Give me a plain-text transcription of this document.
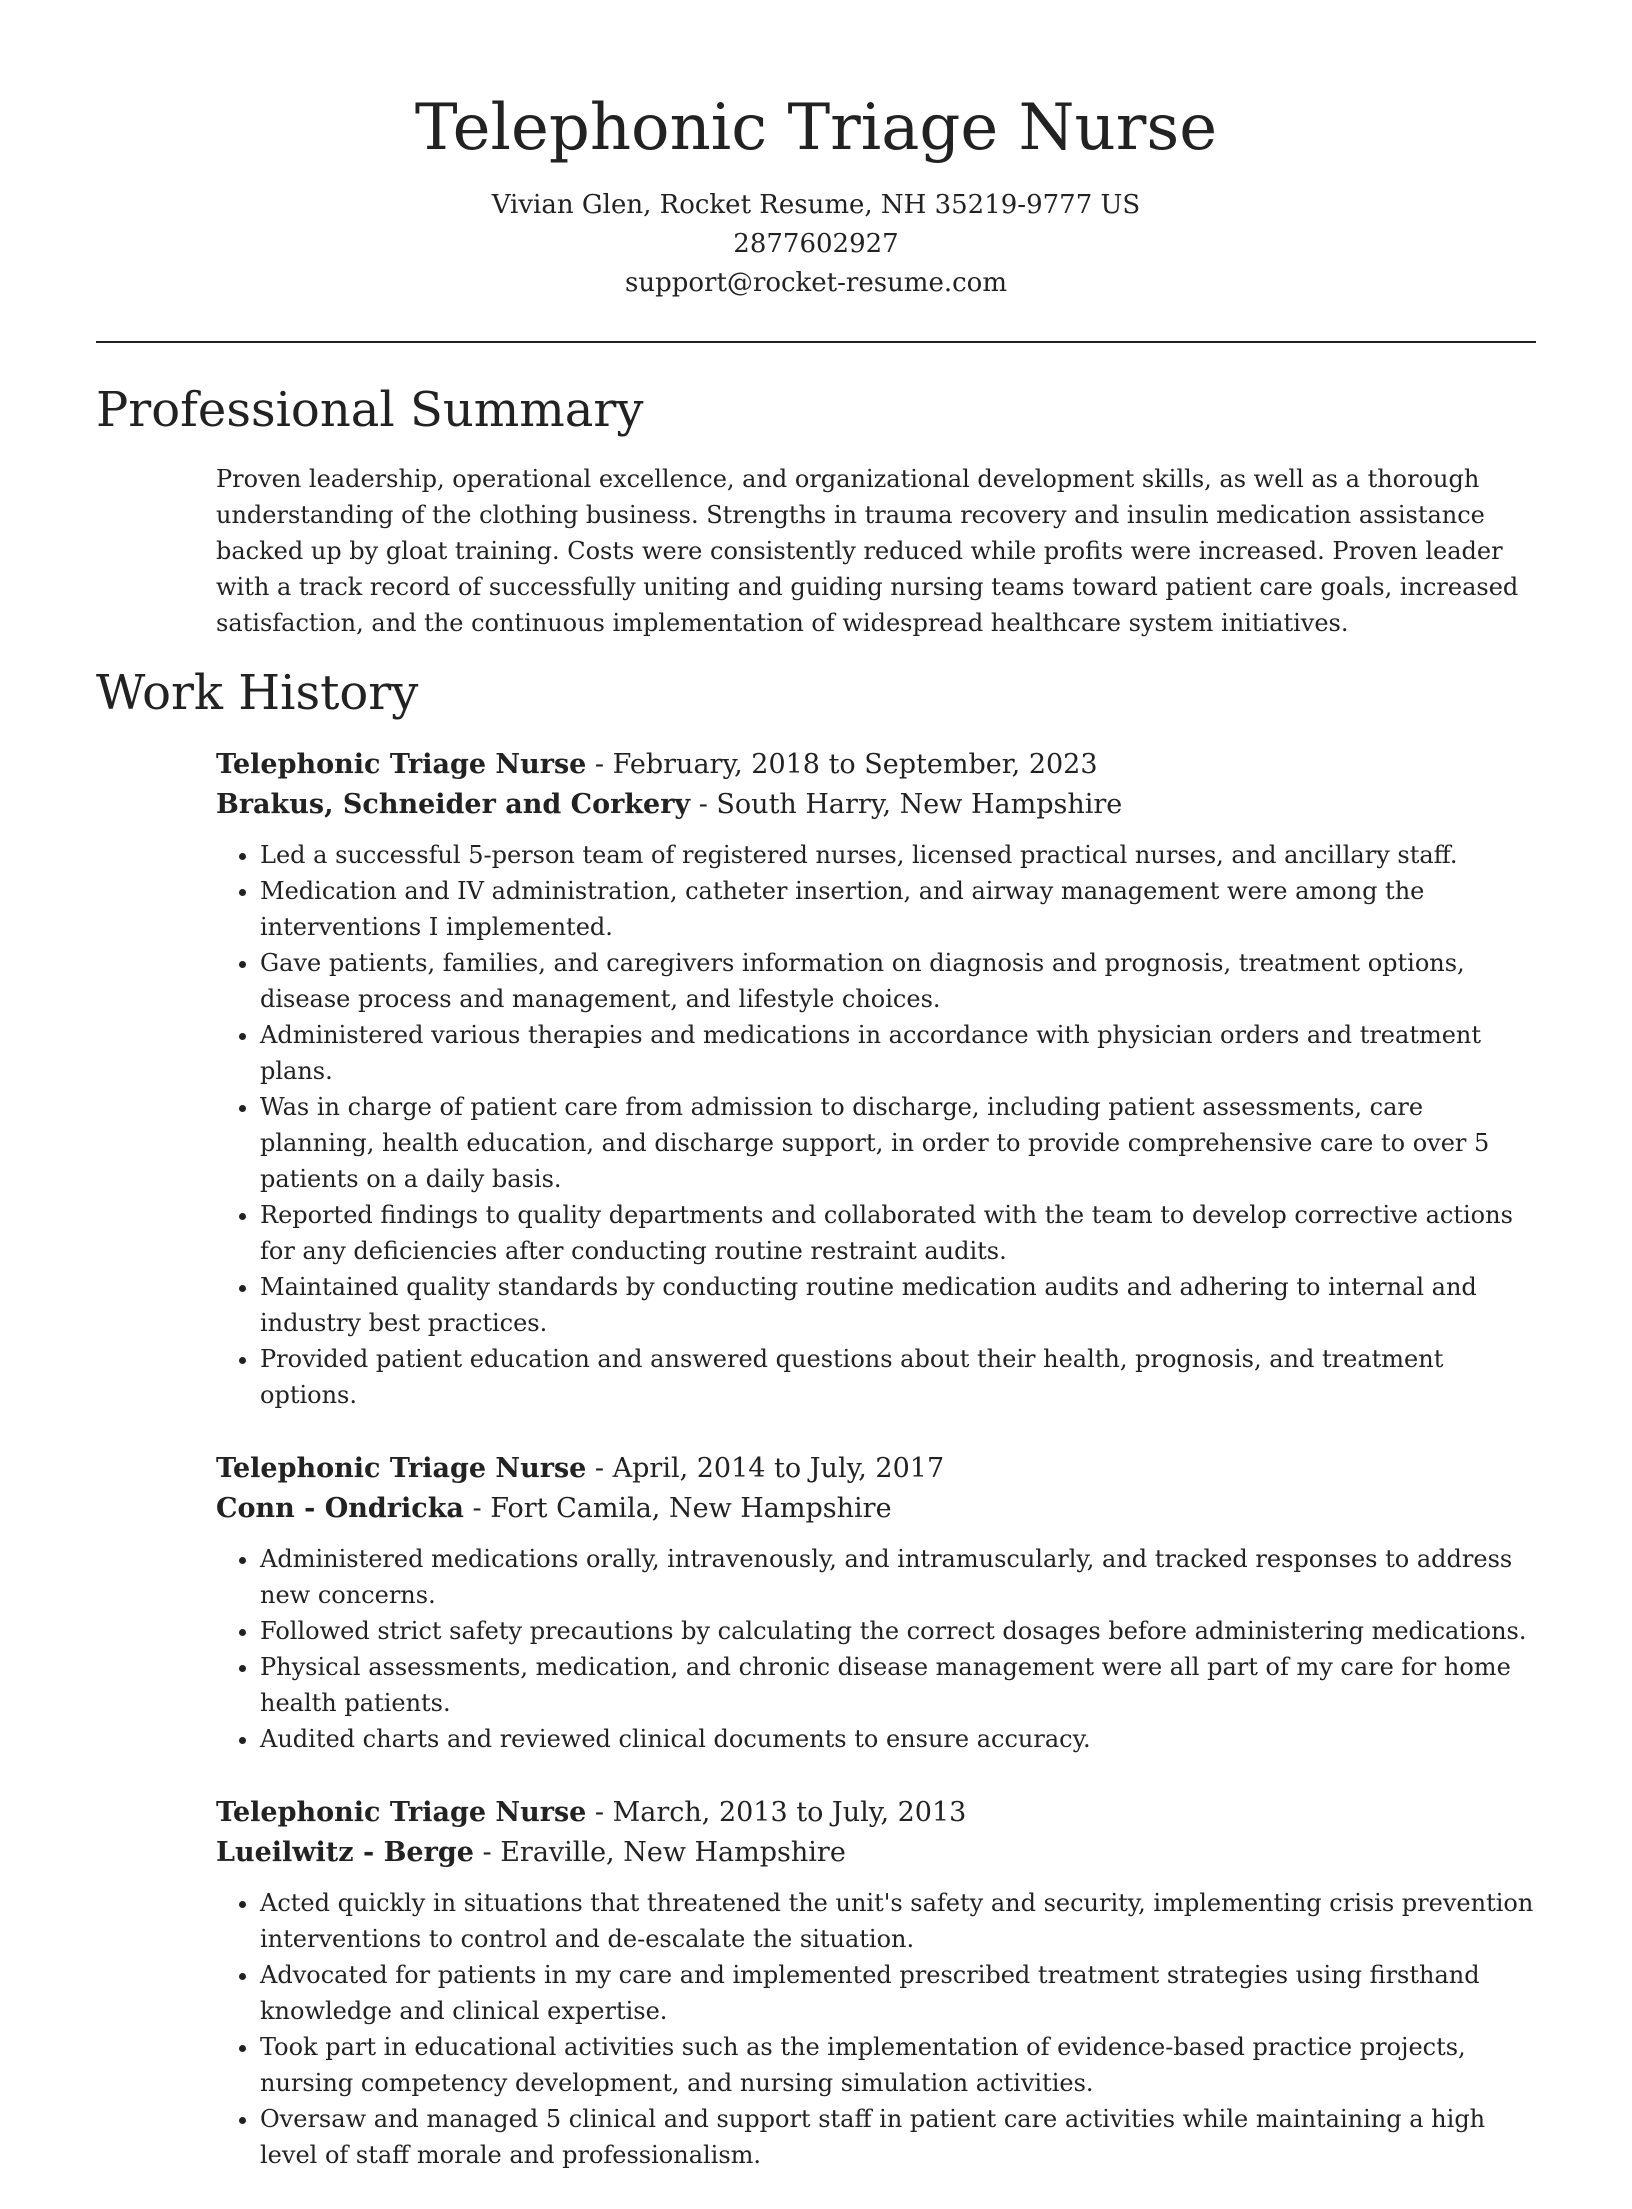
Telephonic Triage Nurse
Vivian Glen, Rocket Resume, NH 35219-9777 US
2877602927
support@rocket-resume.com
Professional Summary

Proven leadership, operational excellence, and organizational development skills, as well as a thorough understanding of the clothing business. Strengths in trauma recovery and insulin medication assistance backed up by gloat training. Costs were consistently reduced while profits were increased. Proven leader with a track record of successfully uniting and guiding nursing teams toward patient care goals, increased satisfaction, and the continuous implementation of widespread healthcare system initiatives.

Work History
Telephonic Triage Nurse - February, 2018 to September, 2023
Brakus, Schneider and Corkery - South Harry, New Hampshire
• Led a successful 5-person team of registered nurses, licensed practical nurses, and ancillary staff.
• Medication and IV administration, catheter insertion, and airway management were among the interventions I implemented.
• Gave patients, families, and caregivers information on diagnosis and prognosis, treatment options, disease process and management, and lifestyle choices.
• Administered various therapies and medications in accordance with physician orders and treatment plans.
• Was in charge of patient care from admission to discharge, including patient assessments, care planning, health education, and discharge support, in order to provide comprehensive care to over 5 patients on a daily basis.
• Reported findings to quality departments and collaborated with the team to develop corrective actions for any deficiencies after conducting routine restraint audits.
• Maintained quality standards by conducting routine medication audits and adhering to internal and industry best practices.
• Provided patient education and answered questions about their health, prognosis, and treatment options.
Telephonic Triage Nurse - April, 2014 to July, 2017
Conn - Ondricka - Fort Camila, New Hampshire
• Administered medications orally, intravenously, and intramuscularly, and tracked responses to address new concerns.
• Followed strict safety precautions by calculating the correct dosages before administering medications.
• Physical assessments, medication, and chronic disease management were all part of my care for home health patients.
• Audited charts and reviewed clinical documents to ensure accuracy.
Telephonic Triage Nurse - March, 2013 to July, 2013
Lueilwitz - Berge - Eraville, New Hampshire
• Acted quickly in situations that threatened the unit's safety and security, implementing crisis prevention interventions to control and de-escalate the situation.
• Advocated for patients in my care and implemented prescribed treatment strategies using firsthand knowledge and clinical expertise.
• Took part in educational activities such as the implementation of evidence-based practice projects, nursing competency development, and nursing simulation activities.
• Oversaw and managed 5 clinical and support staff in patient care activities while maintaining a high level of staff morale and professionalism.
